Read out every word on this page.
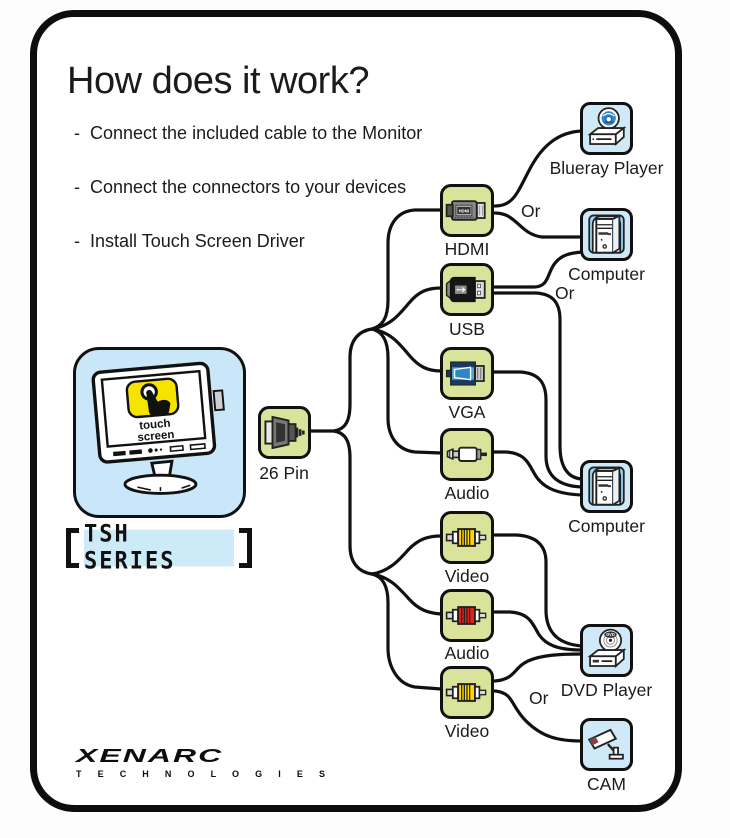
How does it work?
-  Connect the included cable to the Monitor

-  Connect the connectors to your devices

-  Install Touch Screen Driver
touch
screen
TSH SERIES
26 Pin
HDMI
HDMI
USB
VGA
Audio
Video
Audio
Video
Blueray Player
Computer
Computer
DVD
DVD Player
CAM
Or
Or
Or
XENARC
T E C H N O L O G I E S
